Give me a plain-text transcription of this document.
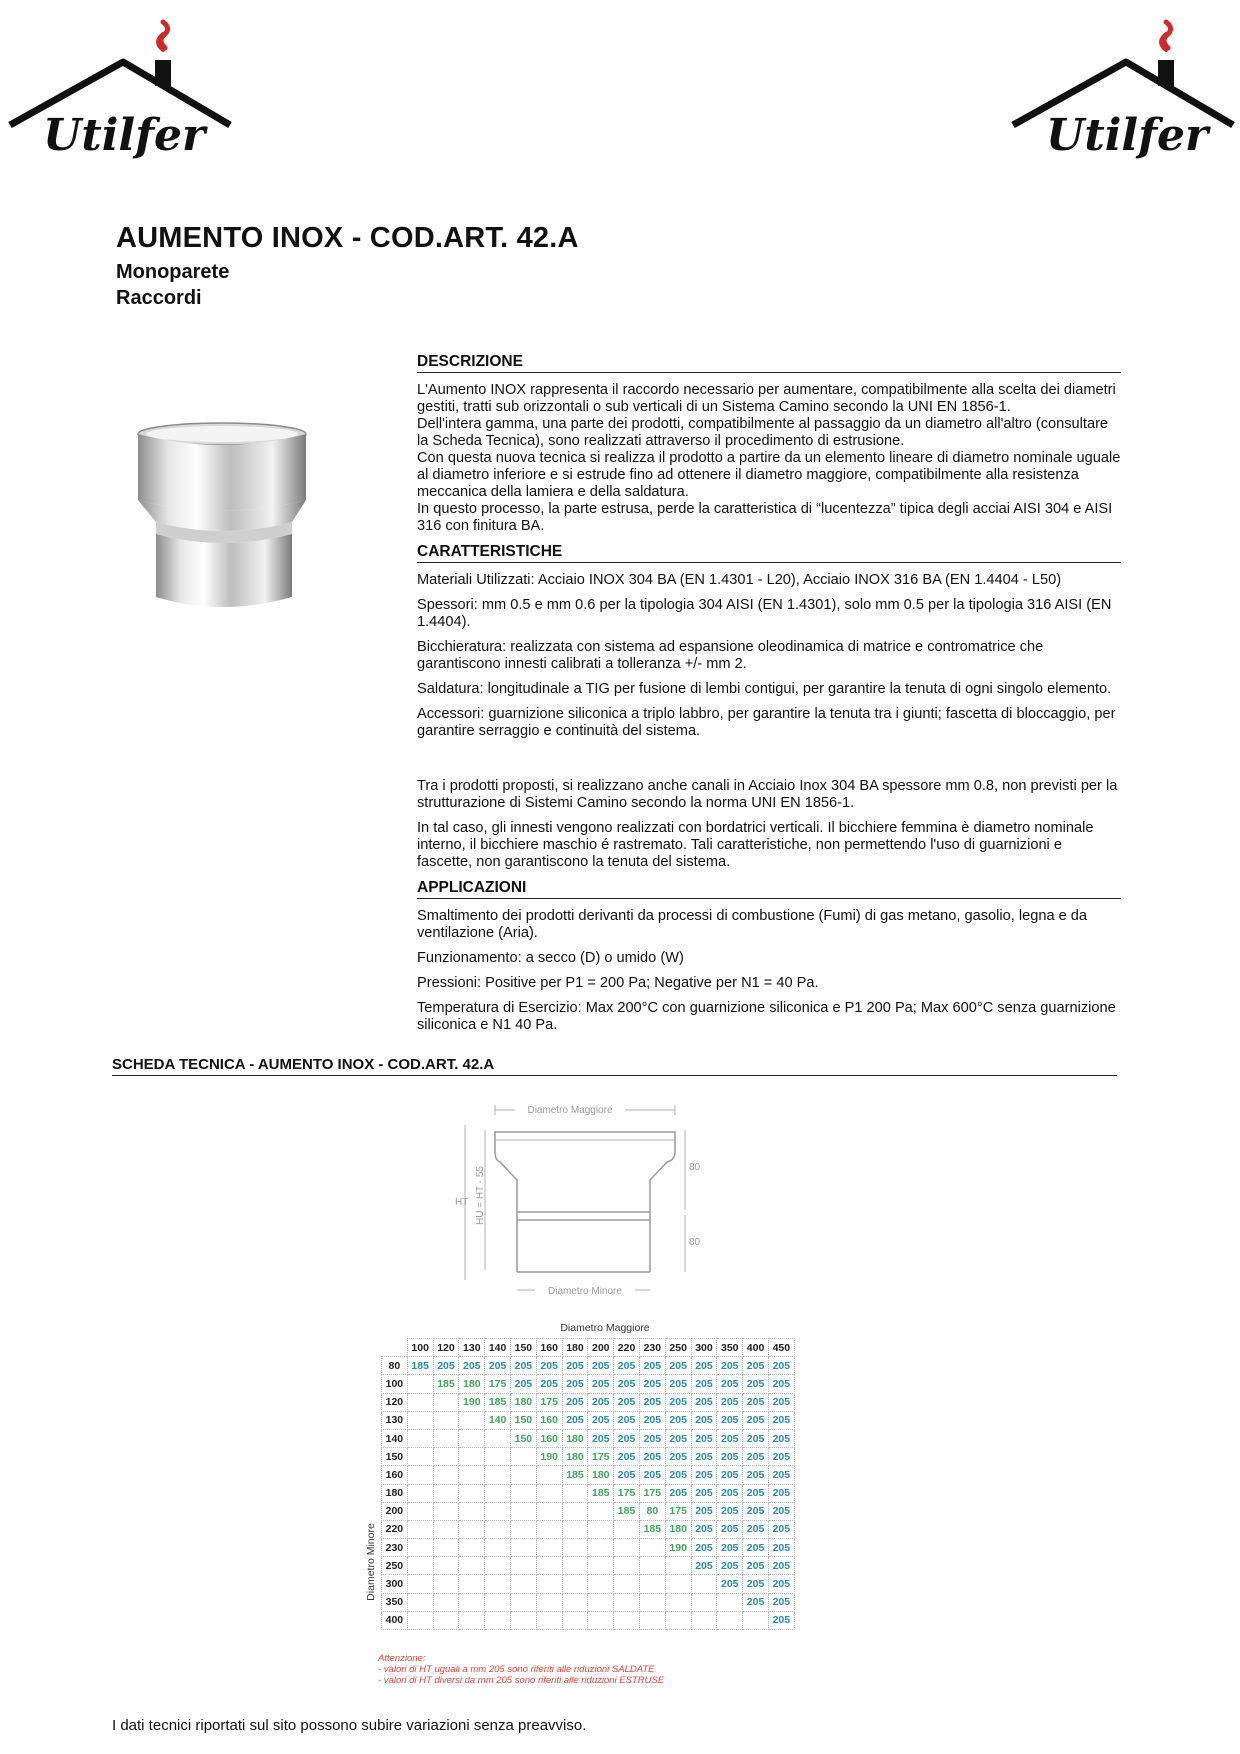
Utilfer	Utilfer
AUMENTO INOX - COD.ART. 42.A
Monoparete
Raccordi
DESCRIZIONE

L'Aumento INOX rappresenta il raccordo necessario per aumentare, compatibilmente alla scelta dei diametri gestiti, tratti sub orizzontali o sub verticali di un Sistema Camino secondo la UNI EN 1856-1.

Dell'intera gamma, una parte dei prodotti, compatibilmente al passaggio da un diametro all'altro (consultare la Scheda Tecnica), sono realizzati attraverso il procedimento di estrusione.

Con questa nuova tecnica si realizza il prodotto a partire da un elemento lineare di diametro nominale uguale al diametro inferiore e si estrude fino ad ottenere il diametro maggiore, compatibilmente alla resistenza meccanica della lamiera e della saldatura.

In questo processo, la parte estrusa, perde la caratteristica di “lucentezza” tipica degli acciai AISI 304 e AISI 316 con finitura BA.

CARATTERISTICHE

Materiali Utilizzati: Acciaio INOX 304 BA (EN 1.4301 - L20), Acciaio INOX 316 BA (EN 1.4404 - L50)

Spessori: mm 0.5 e mm 0.6 per la tipologia 304 AISI (EN 1.4301), solo mm 0.5 per la tipologia 316 AISI (EN 1.4404).

Bicchieratura: realizzata con sistema ad espansione oleodinamica di matrice e contromatrice che garantiscono innesti calibrati a tolleranza +/- mm 2.

Saldatura: longitudinale a TIG per fusione di lembi contigui, per garantire la tenuta di ogni singolo elemento.

Accessori: guarnizione siliconica a triplo labbro, per garantire la tenuta tra i giunti; fascetta di bloccaggio, per garantire serraggio e continuità del sistema.

Tra i prodotti proposti, si realizzano anche canali in Acciaio Inox 304 BA spessore mm 0.8, non previsti per la strutturazione di Sistemi Camino secondo la norma UNI EN 1856-1.

In tal caso, gli innesti vengono realizzati con bordatrici verticali. Il bicchiere femmina è diametro nominale interno, il bicchiere maschio é rastremato. Tali caratteristiche, non permettendo l'uso di guarnizioni e fascette, non garantiscono la tenuta del sistema.

APPLICAZIONI

Smaltimento dei prodotti derivanti da processi di combustione (Fumi) di gas metano, gasolio, legna e da ventilazione (Aria).

Funzionamento: a secco (D) o umido (W)

Pressioni: Positive per P1 = 200 Pa; Negative per N1 = 40 Pa.

Temperatura di Esercizio: Max 200°C con guarnizione siliconica e P1 200 Pa; Max 600°C senza guarnizione siliconica e N1 40 Pa.

SCHEDA TECNICA - AUMENTO INOX - COD.ART. 42.A
Diametro Maggiore
Diametro Minore
HT HU = HT - 55	80
80
Diametro Maggiore
Diametro Minore
	100	120	130	140	150	160	180	200	220	230	250	300	350	400	450
80	185	205	205	205	205	205	205	205	205	205	205	205	205	205	205
100		185	180	175	205	205	205	205	205	205	205	205	205	205	205
120			190	185	180	175	205	205	205	205	205	205	205	205	205
130				140	150	160	205	205	205	205	205	205	205	205	205
140					150	160	180	205	205	205	205	205	205	205	205
150						190	180	175	205	205	205	205	205	205	205
160							185	180	205	205	205	205	205	205	205
180								185	175	175	205	205	205	205	205
200									185	80	175	205	205	205	205
220										185	180	205	205	205	205
230											190	205	205	205	205
250												205	205	205	205
300													205	205	205
350														205	205
400															205
Attenzione:
- valori di HT uguali a mm 205 sono riferiti alle riduzioni SALDATE
- valori di HT diversi da mm 205 sono riferiti alle riduzioni ESTRUSE
I dati tecnici riportati sul sito possono subire variazioni senza preavviso.
